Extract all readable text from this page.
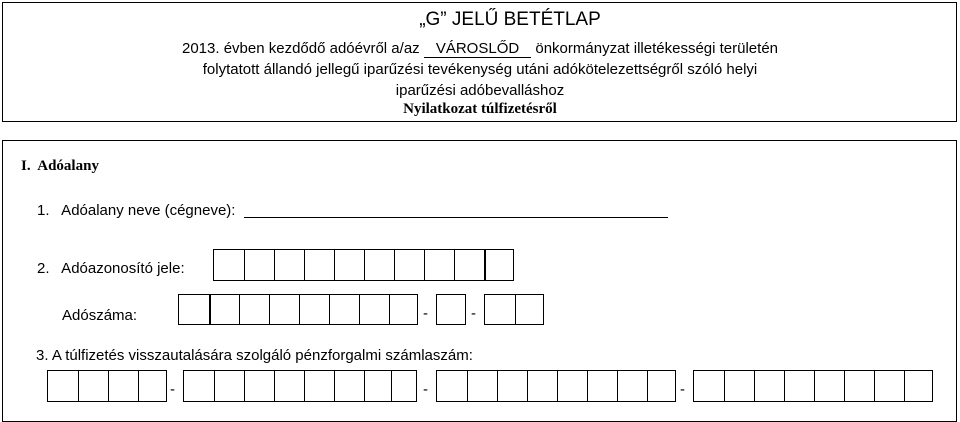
„G” JELŰ BETÉTLAP
2013. évben kezdődő adóévről a/az VÁROSLŐD önkormányzat illetékességi területén
folytatott állandó jellegű iparűzési tevékenység utáni adókötelezettségről szóló helyi
iparűzési adóbevalláshoz
Nyilatkozat túlfizetésről
I.  Adóalany
1.   Adóalany neve (cégneve):
2.   Adóazonosító jele:
Adószáma:	-	-
3. A túlfizetés visszautalására szolgáló pénzforgalmi számlaszám:
-	-	-
